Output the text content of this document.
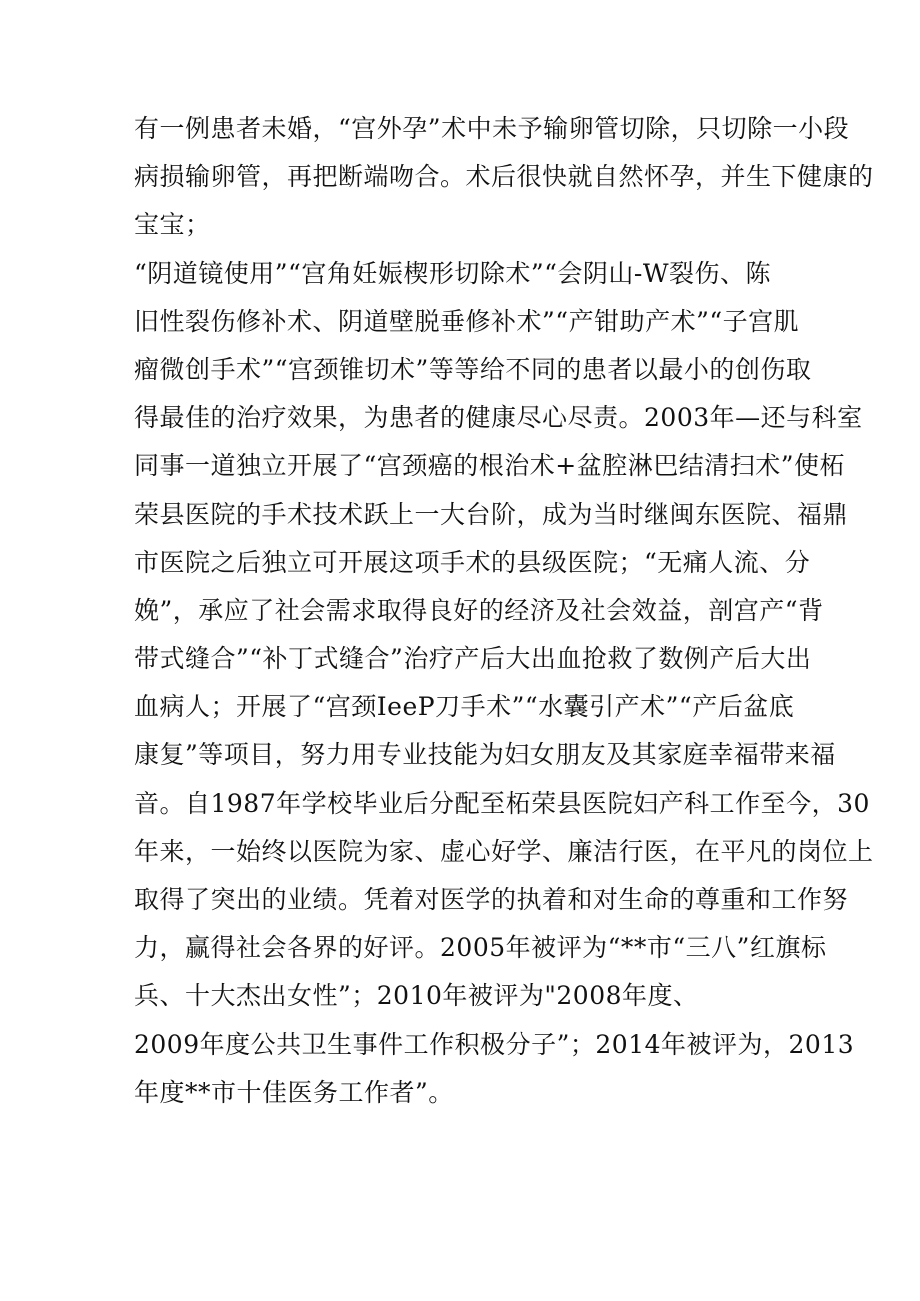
有一例患者未婚，“宫外孕”术中未予输卵管切除，只切除一小段
病损输卵管，再把断端吻合。术后很快就自然怀孕，并生下健康的
宝宝；
“阴道镜使用”“宫角妊娠楔形切除术”“会阴山-W裂伤、陈
旧性裂伤修补术、阴道壁脱垂修补术”“产钳助产术”“子宫肌
瘤微创手术”“宫颈锥切术”等等给不同的患者以最小的创伤取
得最佳的治疗效果，为患者的健康尽心尽责。2003年—还与科室
同事一道独立开展了“宫颈癌的根治术+盆腔淋巴结清扫术”使柘
荣县医院的手术技术跃上一大台阶，成为当时继闽东医院、福鼎
市医院之后独立可开展这项手术的县级医院；“无痛人流、分
娩”，承应了社会需求取得良好的经济及社会效益，剖宫产“背
带式缝合”“补丁式缝合”治疗产后大出血抢救了数例产后大出
血病人；开展了“宫颈IeeP刀手术”“水囊引产术”“产后盆底
康复”等项目，努力用专业技能为妇女朋友及其家庭幸福带来福
音。自1987年学校毕业后分配至柘荣县医院妇产科工作至今，30
年来，一始终以医院为家、虚心好学、廉洁行医，在平凡的岗位上
取得了突出的业绩。凭着对医学的执着和对生命的尊重和工作努
力，赢得社会各界的好评。2005年被评为“**市“三八”红旗标
兵、十大杰出女性”；2010年被评为"2008年度、
2009年度公共卫生事件工作积极分子”；2014年被评为，2013
年度**市十佳医务工作者”。
